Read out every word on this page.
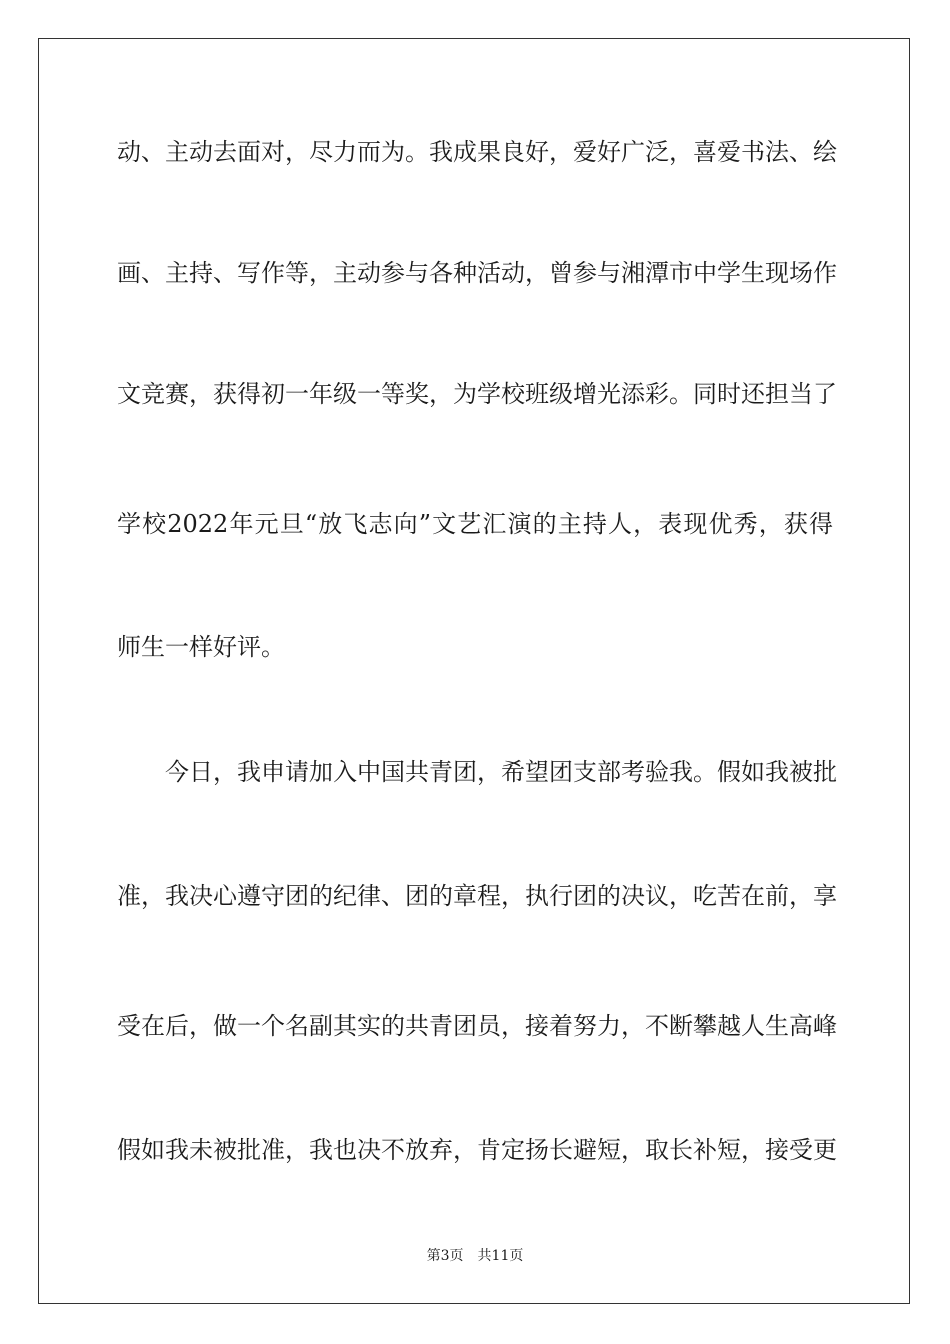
动、主动去面对，尽力而为。我成果良好，爱好广泛，喜爱书法、绘
画、主持、写作等，主动参与各种活动，曾参与湘潭市中学生现场作
文竞赛，获得初一年级一等奖，为学校班级增光添彩。同时还担当了
学校2022年元旦“放飞志向”文艺汇演的主持人，表现优秀，获得
师生一样好评。
今日，我申请加入中国共青团，希望团支部考验我。假如我被批
准，我决心遵守团的纪律、团的章程，执行团的决议，吃苦在前，享
受在后，做一个名副其实的共青团员，接着努力，不断攀越人生高峰
假如我未被批准，我也决不放弃，肯定扬长避短，取长补短，接受更
第3页 共11页
